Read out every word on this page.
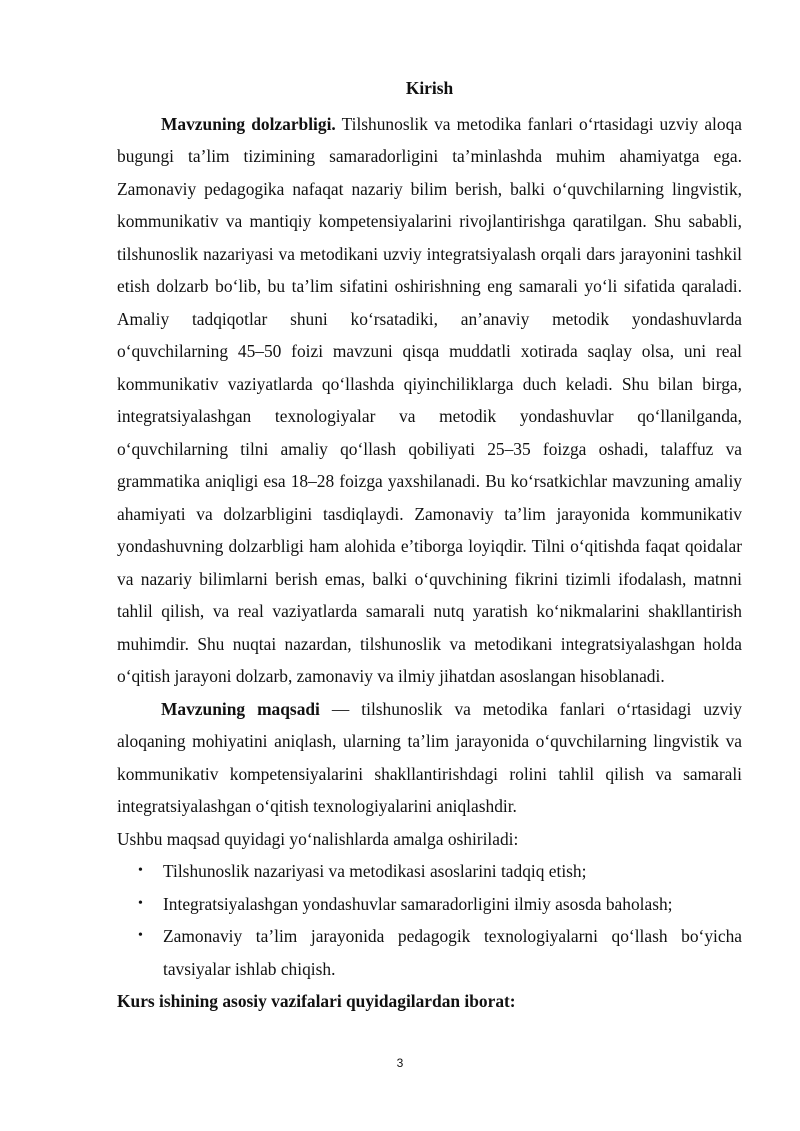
Kirish

Mavzuning dolzarbligi. Tilshunoslik va metodika fanlari oʻrtasidagi uzviy aloqa bugungi ta’lim tizimining samaradorligini ta’minlashda muhim ahamiyatga ega. Zamonaviy pedagogika nafaqat nazariy bilim berish, balki oʻquvchilarning lingvistik, kommunikativ va mantiqiy kompetensiyalarini rivojlantirishga qaratilgan. Shu sababli, tilshunoslik nazariyasi va metodikani uzviy integratsiyalash orqali dars jarayonini tashkil etish dolzarb boʻlib, bu ta’lim sifatini oshirishning eng samarali yoʻli sifatida qaraladi. Amaliy tadqiqotlar shuni koʻrsatadiki, an’anaviy metodik yondashuvlarda oʻquvchilarning 45–50 foizi mavzuni qisqa muddatli xotirada saqlay olsa, uni real kommunikativ vaziyatlarda qoʻllashda qiyinchiliklarga duch keladi. Shu bilan birga, integratsiyalashgan texnologiyalar va metodik yondashuvlar qoʻllanilganda, oʻquvchilarning tilni amaliy qoʻllash qobiliyati 25–35 foizga oshadi, talaffuz va grammatika aniqligi esa 18–28 foizga yaxshilanadi. Bu koʻrsatkichlar mavzuning amaliy ahamiyati va dolzarbligini tasdiqlaydi. Zamonaviy ta’lim jarayonida kommunikativ yondashuvning dolzarbligi ham alohida e’tiborga loyiqdir. Tilni oʻqitishda faqat qoidalar va nazariy bilimlarni berish emas, balki oʻquvchining fikrini tizimli ifodalash, matnni tahlil qilish, va real vaziyatlarda samarali nutq yaratish koʻnikmalarini shakllantirish muhimdir. Shu nuqtai nazardan, tilshunoslik va metodikani integratsiyalashgan holda oʻqitish jarayoni dolzarb, zamonaviy va ilmiy jihatdan asoslangan hisoblanadi.

Mavzuning maqsadi — tilshunoslik va metodika fanlari oʻrtasidagi uzviy aloqaning mohiyatini aniqlash, ularning ta’lim jarayonida oʻquvchilarning lingvistik va kommunikativ kompetensiyalarini shakllantirishdagi rolini tahlil qilish va samarali integratsiyalashgan oʻqitish texnologiyalarini aniqlashdir.

Ushbu maqsad quyidagi yoʻnalishlarda amalga oshiriladi:

• Tilshunoslik nazariyasi va metodikasi asoslarini tadqiq etish;
• Integratsiyalashgan yondashuvlar samaradorligini ilmiy asosda baholash;
• Zamonaviy ta’lim jarayonida pedagogik texnologiyalarni qoʻllash boʻyicha tavsiyalar ishlab chiqish.

Kurs ishining asosiy vazifalari quyidagilardan iborat:

3
